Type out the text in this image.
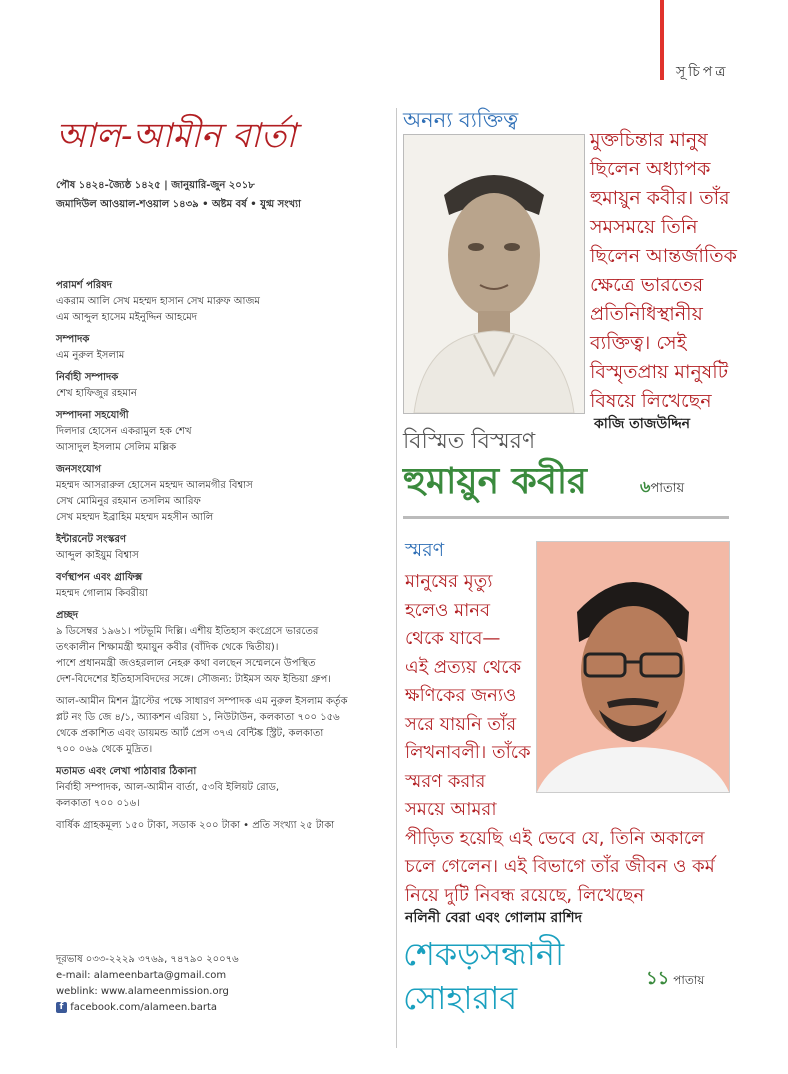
সূচিপত্র
আল-আমীন বার্তা
পৌষ ১৪২৪-জ্যৈষ্ঠ ১৪২৫ | জানুয়ারি-জুন ২০১৮
জমাদিউল আওয়াল-শওয়াল ১৪৩৯ • অষ্টম বর্ষ • যুগ্ম সংখ্যা

পরামর্শ পরিষদ

একরাম আলি সেখ মহম্মদ হাসান সেখ মারুফ আজম

এম আব্দুল হাসেম মইনুদ্দিন আহমেদ

সম্পাদক

এম নুরুল ইসলাম

নির্বাহী সম্পাদক

শেখ হাফিজুর রহমান

সম্পাদনা সহযোগী

দিলদার হোসেন একরামুল হক শেখ

আসাদুল ইসলাম সেলিম মল্লিক

জনসংযোগ

মহম্মদ আসরারুল হোসেন মহম্মদ আলমগীর বিশ্বাস

সেখ মোমিনুর রহমান তসলিম আরিফ

সেখ মহম্মদ ইব্রাহিম মহম্মদ মহসীন আলি

ইন্টারনেট সংস্করণ

আব্দুল কাইয়ুম বিশ্বাস

বর্ণস্থাপন এবং গ্রাফিক্স

মহম্মদ গোলাম কিবরীয়া

প্রচ্ছদ

৯ ডিসেম্বর ১৯৬১। পটভূমি দিল্লি। এশীয় ইতিহাস কংগ্রেসে ভারতের

তৎকালীন শিক্ষামন্ত্রী হুমায়ুন কবীর (বাঁদিক থেকে দ্বিতীয়)।

পাশে প্রধানমন্ত্রী জওহরলাল নেহরু কথা বলছেন সম্মেলনে উপস্থিত

দেশ-বিদেশের ইতিহাসবিদদের সঙ্গে। সৌজন্য: টাইমস অফ ইন্ডিয়া গ্রুপ।

আল-আমীন মিশন ট্রাস্টের পক্ষে সাধারণ সম্পাদক এম নুরুল ইসলাম কর্তৃক

প্লট নং ডি জে ৪/১, অ্যাকশন এরিয়া ১, নিউটাউন, কলকাতা ৭০০ ১৫৬

থেকে প্রকাশিত এবং ডায়মন্ড আর্ট প্রেস ৩৭এ বেন্টিঙ্ক স্ট্রিট, কলকাতা

৭০০ ০৬৯ থেকে মুদ্রিত।

মতামত এবং লেখা পাঠাবার ঠিকানা

নির্বাহী সম্পাদক, আল-আমীন বার্তা, ৫৩বি ইলিয়ট রোড,

কলকাতা ৭০০ ০১৬।

বার্ষিক গ্রাহকমূল্য ১৫০ টাকা, সডাক ২০০ টাকা • প্রতি সংখ্যা ২৫ টাকা

দূরভাষ ০৩৩-২২২৯ ৩৭৬৯, ৭৪৭৯০ ২০০৭৬
e-mail: alameenbarta@gmail.com
weblink: www.alameenmission.org
f facebook.com/alameen.barta
অনন্য ব্যক্তিত্ব
মুক্তচিন্তার মানুষ
ছিলেন অধ্যাপক
হুমায়ুন কবীর। তাঁর
সমসময়ে তিনি
ছিলেন আন্তর্জাতিক
ক্ষেত্রে ভারতের
প্রতিনিধিস্থানীয়
ব্যক্তিত্ব। সেই
বিস্মৃতপ্রায় মানুষটি
বিষয়ে লিখেছেন
কাজি তাজউদ্দিন
বিস্মিত বিস্মরণ
হুমায়ুন কবীর	৬পাতায়
স্মরণ
মানুষের মৃত্যু
হলেও মানব
থেকে যাবে—
এই প্রত্যয় থেকে
ক্ষণিকের জন্যও
সরে যায়নি তাঁর
লিখনাবলী। তাঁকে
স্মরণ করার
সময়ে আমরা
পীড়িত হয়েছি এই ভেবে যে, তিনি অকালে
চলে গেলেন। এই বিভাগে তাঁর জীবন ও কর্ম
নিয়ে দুটি নিবন্ধ রয়েছে, লিখেছেন
নলিনী বেরা এবং গোলাম রাশিদ
শেকড়সন্ধানী
সোহারাব
১১ পাতায়
